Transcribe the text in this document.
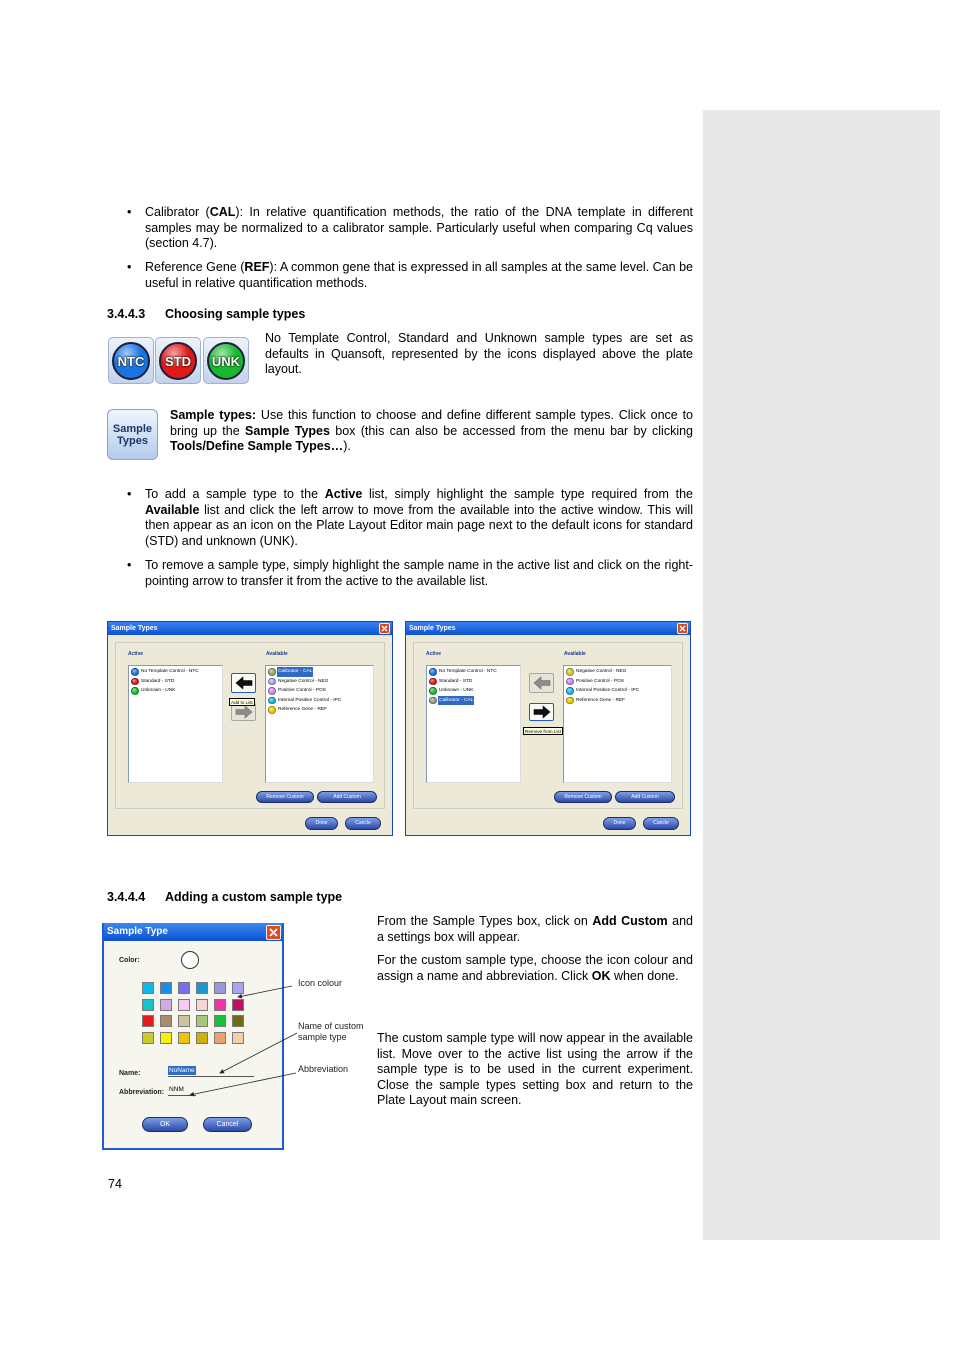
• Calibrator (CAL): In relative quantification methods, the ratio of the DNA template in different samples may be normalized to a calibrator sample. Particularly useful when comparing Cq values (section 4.7).
• Reference Gene (REF): A common gene that is expressed in all samples at the same level. Can be useful in relative quantification methods.
3.4.4.3 Choosing sample types
NTC	STD	UNK
No Template Control, Standard and Unknown sample types are set as defaults in Quansoft, represented by the icons displayed above the plate layout.
Sample
Types
Sample types: Use this function to choose and define different sample types. Click once to bring up the Sample Types box (this can also be accessed from the menu bar by clicking Tools/Define Sample Types…).
• To add a sample type to the Active list, simply highlight the sample type required from the Available list and click the left arrow to move from the available into the active window. This will then appear as an icon on the Plate Layout Editor main page next to the default icons for standard (STD) and unknown (UNK).
• To remove a sample type, simply highlight the sample name in the active list and click on the right-pointing arrow to transfer it from the active to the available list.
Sample Types
Active	Available
No Template Control - NTC
Standard - STD
Unknown - UNK
Calibrator - CAL
Negative Control - NEG
Positive Control - POS
Internal Positive Control - IPC
Reference Gene - REF
Add to List
Remove Custom	Add Custom
Done	Cancle
Sample Types
Active	Available
No Template Control - NTC
Standard - STD
Unknown - UNK
Calibrator - CAL
Negative Control - NEG
Positive Control - POS
Internal Positive Control - IPC
Reference Gene - REF
Remove from List
Remove Custom	Add Custom
Done	Cancle
3.4.4.4 Adding a custom sample type
Sample Type
Color:
Name:	NoName
Abbreviation: NNM
OK	Cancel
Icon colour
Name of custom
sample type
Abbreviation
From the Sample Types box, click on Add Custom and a settings box will appear.
For the custom sample type, choose the icon colour and assign a name and abbreviation. Click OK when done.
The custom sample type will now appear in the available list. Move over to the active list using the arrow if the sample type is to be used in the current experiment. Close the sample types setting box and return to the Plate Layout main screen.
74
